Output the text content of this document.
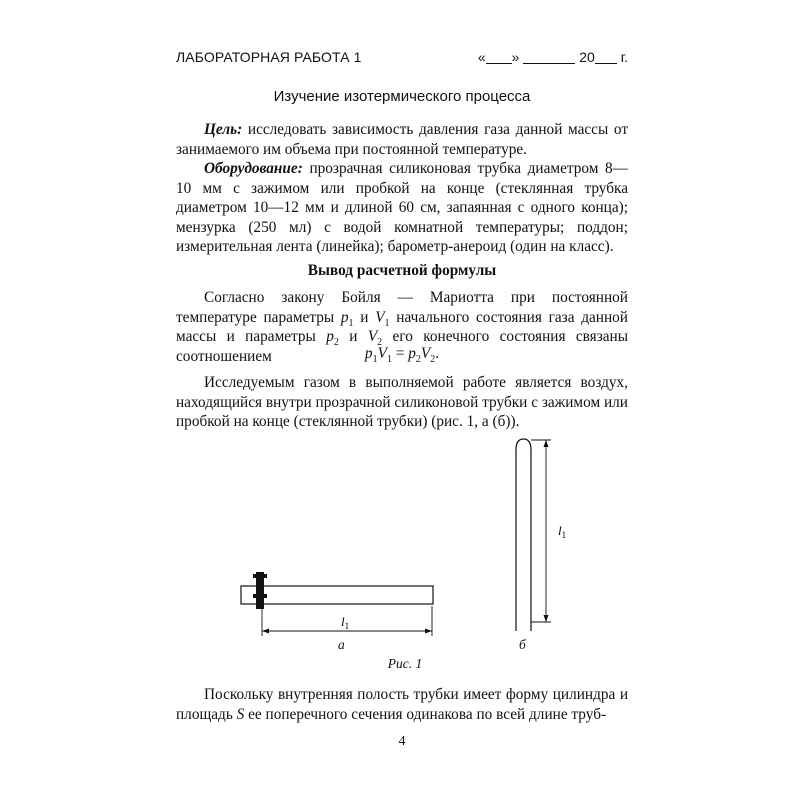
ЛАБОРАТОРНАЯ РАБОТА 1	« »	20 г.
Изучение изотермического процесса

Цель: исследовать зависимость давления газа данной массы от занимаемого им объема при постоянной температуре.

Оборудование: прозрачная силиконовая трубка диаметром 8—10 мм с зажимом или пробкой на конце (стеклянная трубка диаметром 10—12 мм и длиной 60 см, запаянная с одного конца); мензурка (250 мл) с водой комнатной температуры; поддон; измерительная лента (линейка); барометр-анероид (один на класс).

Вывод расчетной формулы

Согласно закону Бойля — Мариотта при постоянной температуре параметры $p_1$ и $V_1$ начального состояния газа данной массы и параметры $p_2$ и $V_2$ его конечного состояния связаны соотношением	$p_1V_1 = p_2V_2$.

Исследуемым газом в выполняемой работе является воздух, находящийся внутри прозрачной силиконовой трубки с зажимом или пробкой на конце (стеклянной трубки) (рис. 1, а (б)).

$l_1$
$l_1$
а	б
Рис. 1

Поскольку внутренняя полость трубки имеет форму цилиндра и площадь S ее поперечного сечения одинакова по всей длине труб-

4
